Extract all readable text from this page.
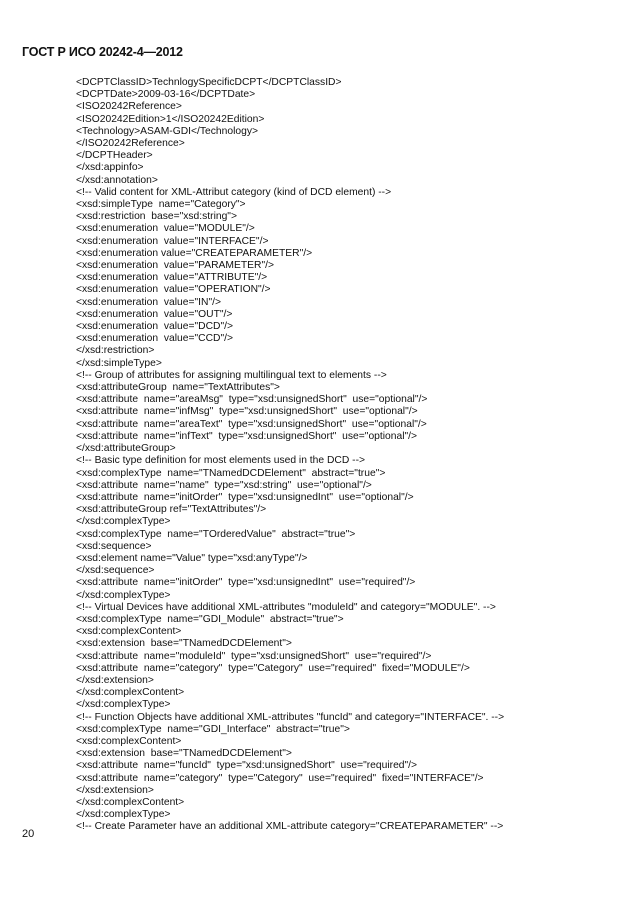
ГОСТ Р ИСО 20242-4—2012
<DCPTClassID>TechnlogySpecificDCPT</DCPTClassID>
<DCPTDate>2009-03-16</DCPTDate>
<ISO20242Reference>
<ISO20242Edition>1</ISO20242Edition>
<Technology>ASAM-GDI</Technology>
</ISO20242Reference>
</DCPTHeader>
</xsd:appinfo>
</xsd:annotation>
<!-- Valid content for XML-Attribut category (kind of DCD element) -->
<xsd:simpleType  name="Category">
<xsd:restriction  base="xsd:string">
<xsd:enumeration  value="MODULE"/>
<xsd:enumeration  value="INTERFACE"/>
<xsd:enumeration value="CREATEPARAMETER"/>
<xsd:enumeration  value="PARAMETER"/>
<xsd:enumeration  value="ATTRIBUTE"/>
<xsd:enumeration  value="OPERATION"/>
<xsd:enumeration  value="IN"/>
<xsd:enumeration  value="OUT"/>
<xsd:enumeration  value="DCD"/>
<xsd:enumeration  value="CCD"/>
</xsd:restriction>
</xsd:simpleType>
<!-- Group of attributes for assigning multilingual text to elements -->
<xsd:attributeGroup  name="TextAttributes">
<xsd:attribute  name="areaMsg"  type="xsd:unsignedShort"  use="optional"/>
<xsd:attribute  name="infMsg"  type="xsd:unsignedShort"  use="optional"/>
<xsd:attribute  name="areaText"  type="xsd:unsignedShort"  use="optional"/>
<xsd:attribute  name="infText"  type="xsd:unsignedShort"  use="optional"/>
</xsd:attributeGroup>
<!-- Basic type definition for most elements used in the DCD -->
<xsd:complexType  name="TNamedDCDElement"  abstract="true">
<xsd:attribute  name="name"  type="xsd:string"  use="optional"/>
<xsd:attribute  name="initOrder"  type="xsd:unsignedInt"  use="optional"/>
<xsd:attributeGroup ref="TextAttributes"/>
</xsd:complexType>
<xsd:complexType  name="TOrderedValue"  abstract="true">
<xsd:sequence>
<xsd:element name="Value" type="xsd:anyType"/>
</xsd:sequence>
<xsd:attribute  name="initOrder"  type="xsd:unsignedInt"  use="required"/>
</xsd:complexType>
<!-- Virtual Devices have additional XML-attributes "moduleId" and category="MODULE". -->
<xsd:complexType  name="GDI_Module"  abstract="true">
<xsd:complexContent>
<xsd:extension  base="TNamedDCDElement">
<xsd:attribute  name="moduleId"  type="xsd:unsignedShort"  use="required"/>
<xsd:attribute  name="category"  type="Category"  use="required"  fixed="MODULE"/>
</xsd:extension>
</xsd:complexContent>
</xsd:complexType>
<!-- Function Objects have additional XML-attributes "funcId" and category="INTERFACE". -->
<xsd:complexType  name="GDI_Interface"  abstract="true">
<xsd:complexContent>
<xsd:extension  base="TNamedDCDElement">
<xsd:attribute  name="funcId"  type="xsd:unsignedShort"  use="required"/>
<xsd:attribute  name="category"  type="Category"  use="required"  fixed="INTERFACE"/>
</xsd:extension>
</xsd:complexContent>
</xsd:complexType>
<!-- Create Parameter have an additional XML-attribute category="CREATEPARAMETER" -->
20
